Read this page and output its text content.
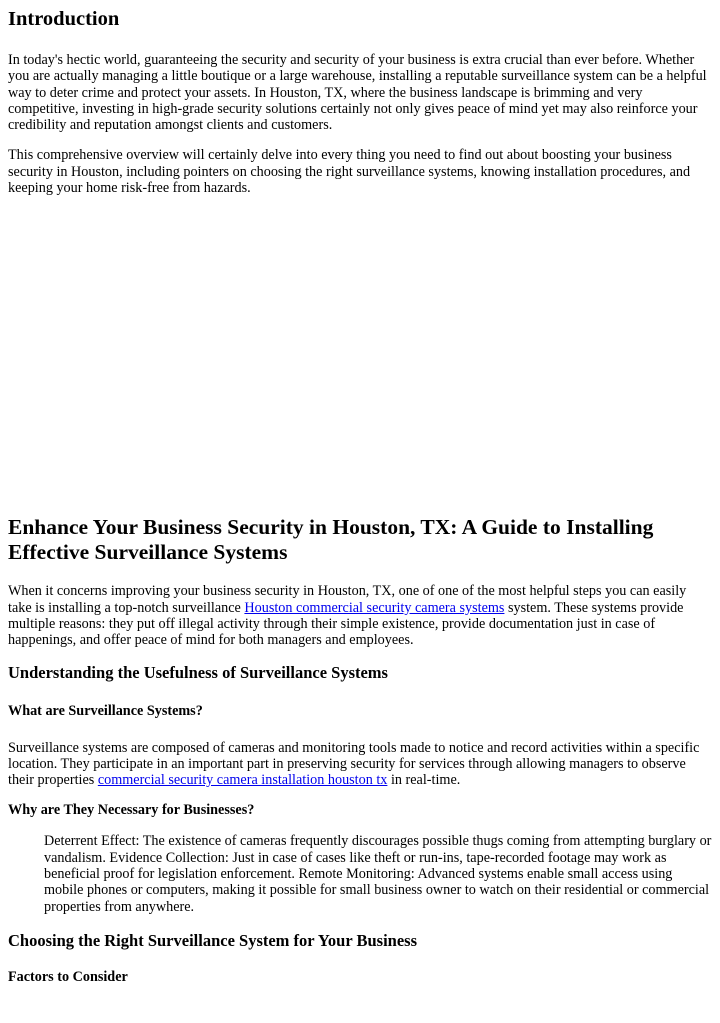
Introduction

In today's hectic world, guaranteeing the security and security of your business is extra crucial than ever before. Whether you are actually managing a little boutique or a large warehouse, installing a reputable surveillance system can be a helpful way to deter crime and protect your assets. In Houston, TX, where the business landscape is brimming and very competitive, investing in high-grade security solutions certainly not only gives peace of mind yet may also reinforce your credibility and reputation amongst clients and customers.

This comprehensive overview will certainly delve into every thing you need to find out about boosting your business security in Houston, including pointers on choosing the right surveillance systems, knowing installation procedures, and keeping your home risk-free from hazards.

Enhance Your Business Security in Houston, TX: A Guide to Installing Effective Surveillance Systems

When it concerns improving your business security in Houston, TX, one of one of the most helpful steps you can easily take is installing a top-notch surveillance Houston commercial security camera systems system. These systems provide multiple reasons: they put off illegal activity through their simple existence, provide documentation just in case of happenings, and offer peace of mind for both managers and employees.

Understanding the Usefulness of Surveillance Systems
What are Surveillance Systems?

Surveillance systems are composed of cameras and monitoring tools made to notice and record activities within a specific location. They participate in an important part in preserving security for services through allowing managers to observe their properties commercial security camera installation houston tx in real-time.

Why are They Necessary for Businesses?
Deterrent Effect: The existence of cameras frequently discourages possible thugs coming from attempting burglary or vandalism. Evidence Collection: Just in case of cases like theft or run-ins, tape-recorded footage may work as beneficial proof for legislation enforcement. Remote Monitoring: Advanced systems enable small access using mobile phones or computers, making it possible for small business owner to watch on their residential or commercial properties from anywhere.
Choosing the Right Surveillance System for Your Business
Factors to Consider
